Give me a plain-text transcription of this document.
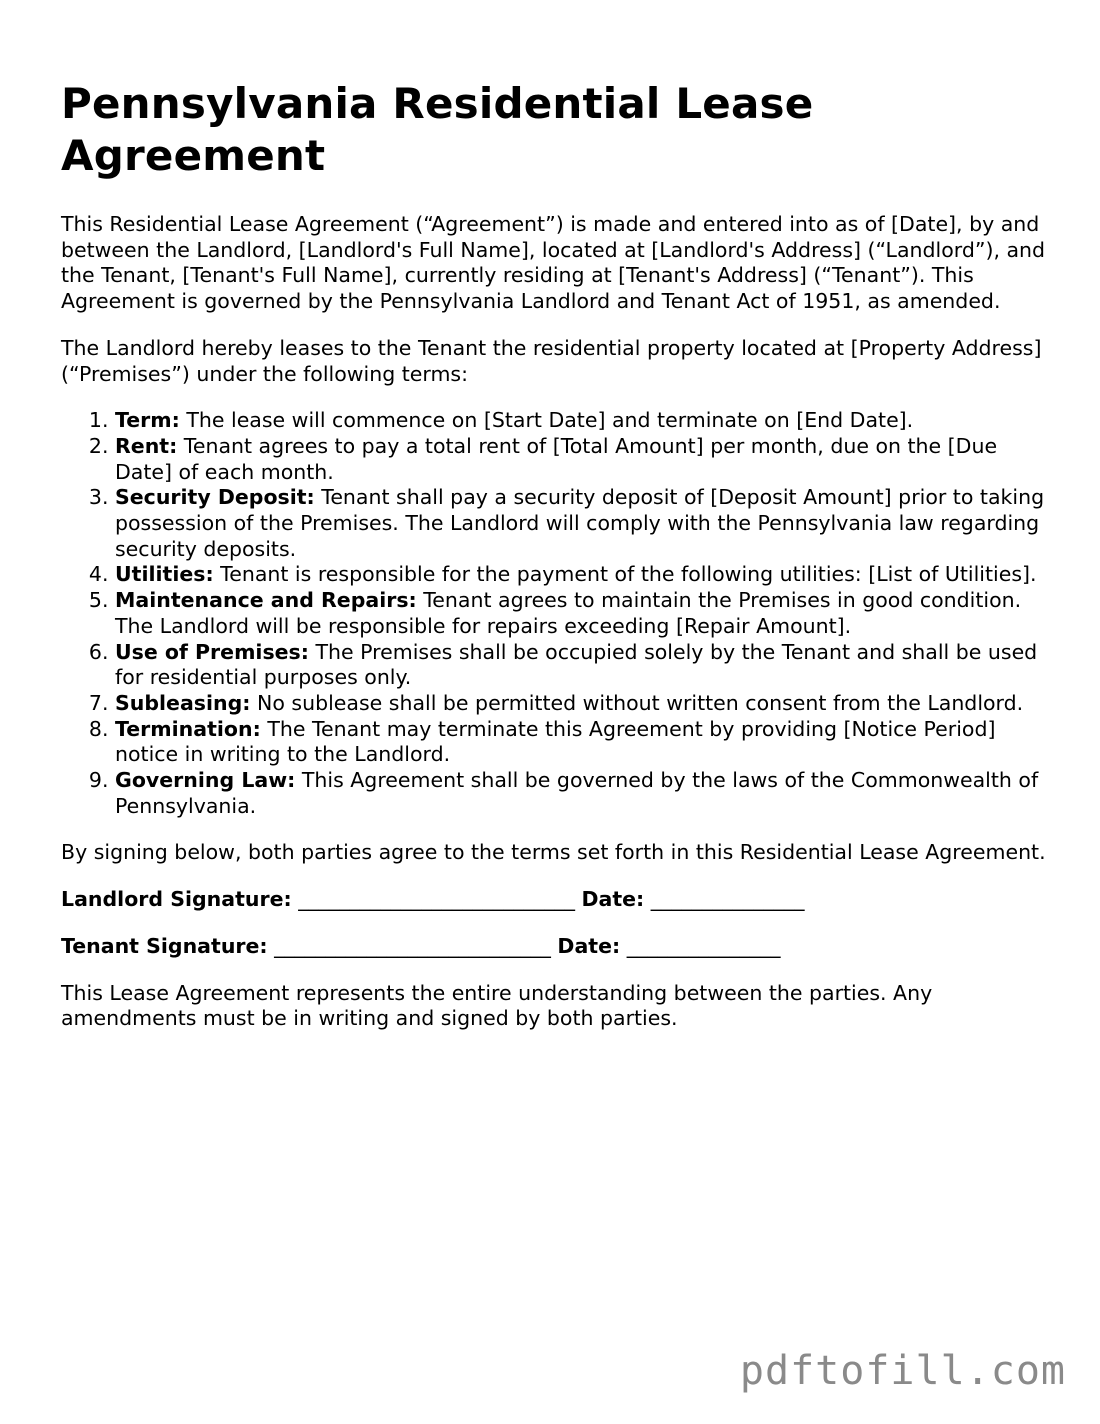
Pennsylvania Residential Lease Agreement

This Residential Lease Agreement (“Agreement”) is made and entered into as of [Date], by and between the Landlord, [Landlord's Full Name], located at [Landlord's Address] (“Landlord”), and the Tenant, [Tenant's Full Name], currently residing at [Tenant's Address] (“Tenant”). This Agreement is governed by the Pennsylvania Landlord and Tenant Act of 1951, as amended.

The Landlord hereby leases to the Tenant the residential property located at [Property Address] (“Premises”) under the following terms:

1. Term: The lease will commence on [Start Date] and terminate on [End Date].
2. Rent: Tenant agrees to pay a total rent of [Total Amount] per month, due on the [Due Date] of each month.
3. Security Deposit: Tenant shall pay a security deposit of [Deposit Amount] prior to taking possession of the Premises. The Landlord will comply with the Pennsylvania law regarding security deposits.
4. Utilities: Tenant is responsible for the payment of the following utilities: [List of Utilities].
5. Maintenance and Repairs: Tenant agrees to maintain the Premises in good condition. The Landlord will be responsible for repairs exceeding [Repair Amount].
6. Use of Premises: The Premises shall be occupied solely by the Tenant and shall be used for residential purposes only.
7. Subleasing: No sublease shall be permitted without written consent from the Landlord.
8. Termination: The Tenant may terminate this Agreement by providing [Notice Period] notice in writing to the Landlord.
9. Governing Law: This Agreement shall be governed by the laws of the Commonwealth of Pennsylvania.

By signing below, both parties agree to the terms set forth in this Residential Lease Agreement.

Landlord Signature: ___________________________ Date: _______________
Tenant Signature: ___________________________ Date: _______________

This Lease Agreement represents the entire understanding between the parties. Any amendments must be in writing and signed by both parties.

pdftofill.com
